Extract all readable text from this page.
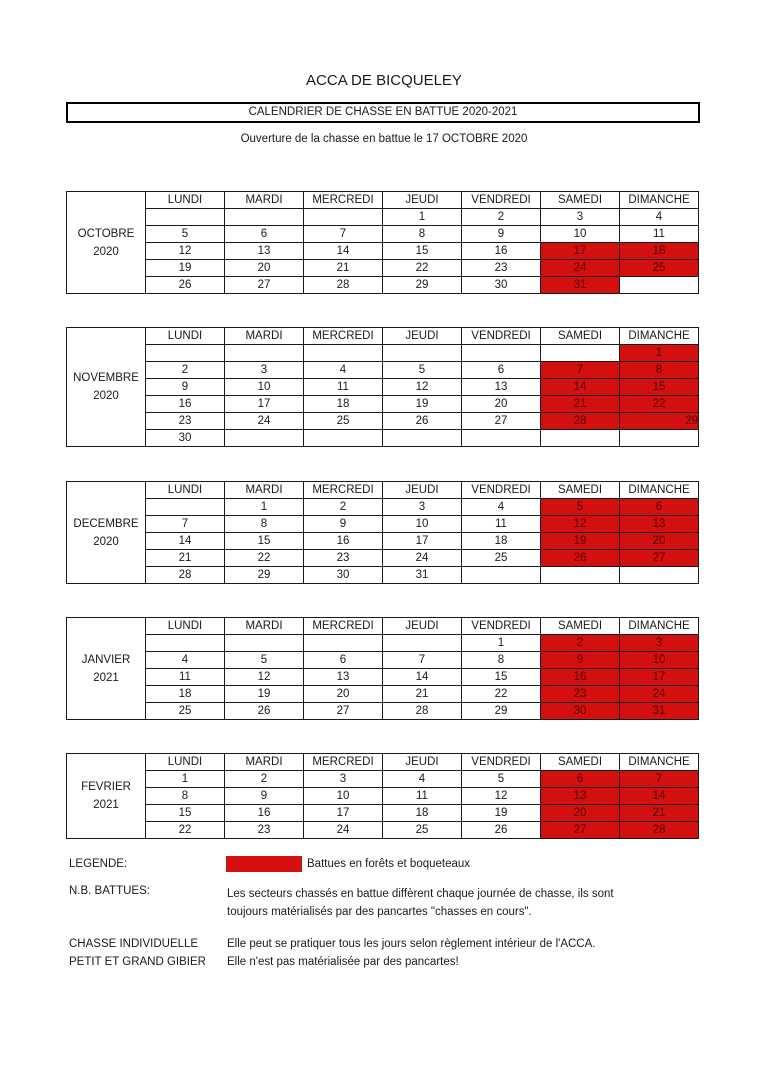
ACCA DE BICQUELEY
CALENDRIER DE CHASSE EN BATTUE 2020-2021
Ouverture de la chasse en battue le 17 OCTOBRE 2020
OCTOBRE
2020	LUNDI	MARDI	MERCREDI	JEUDI	VENDREDI	SAMEDI	DIMANCHE
				1	2	3	4
	5	6	7	8	9	10	11
	12	13	14	15	16	17	18
	19	20	21	22	23	24	25
	26	27	28	29	30	31	
NOVEMBRE
2020	LUNDI	MARDI	MERCREDI	JEUDI	VENDREDI	SAMEDI	DIMANCHE
							1
	2	3	4	5	6	7	8
	9	10	11	12	13	14	15
	16	17	18	19	20	21	22
	23	24	25	26	27	28	29
	30						
DECEMBRE
2020	LUNDI	MARDI	MERCREDI	JEUDI	VENDREDI	SAMEDI	DIMANCHE
		1	2	3	4	5	6
	7	8	9	10	11	12	13
	14	15	16	17	18	19	20
	21	22	23	24	25	26	27
	28	29	30	31			
JANVIER
2021	LUNDI	MARDI	MERCREDI	JEUDI	VENDREDI	SAMEDI	DIMANCHE
					1	2	3
	4	5	6	7	8	9	10
	11	12	13	14	15	16	17
	18	19	20	21	22	23	24
	25	26	27	28	29	30	31
FEVRIER
2021	LUNDI	MARDI	MERCREDI	JEUDI	VENDREDI	SAMEDI	DIMANCHE
	1	2	3	4	5	6	7
	8	9	10	11	12	13	14
	15	16	17	18	19	20	21
	22	23	24	25	26	27	28
LEGENDE:	Battues en forêts et boqueteaux
N.B. BATTUES:	Les secteurs chassés en battue diffèrent chaque journée de chasse, ils sont
toujours matérialisés par des pancartes "chasses en cours".
CHASSE INDIVIDUELLE
PETIT ET GRAND GIBIER
Elle peut se pratiquer tous les jours selon règlement intérieur de l'ACCA.
Elle n'est pas matérialisée par des pancartes!
